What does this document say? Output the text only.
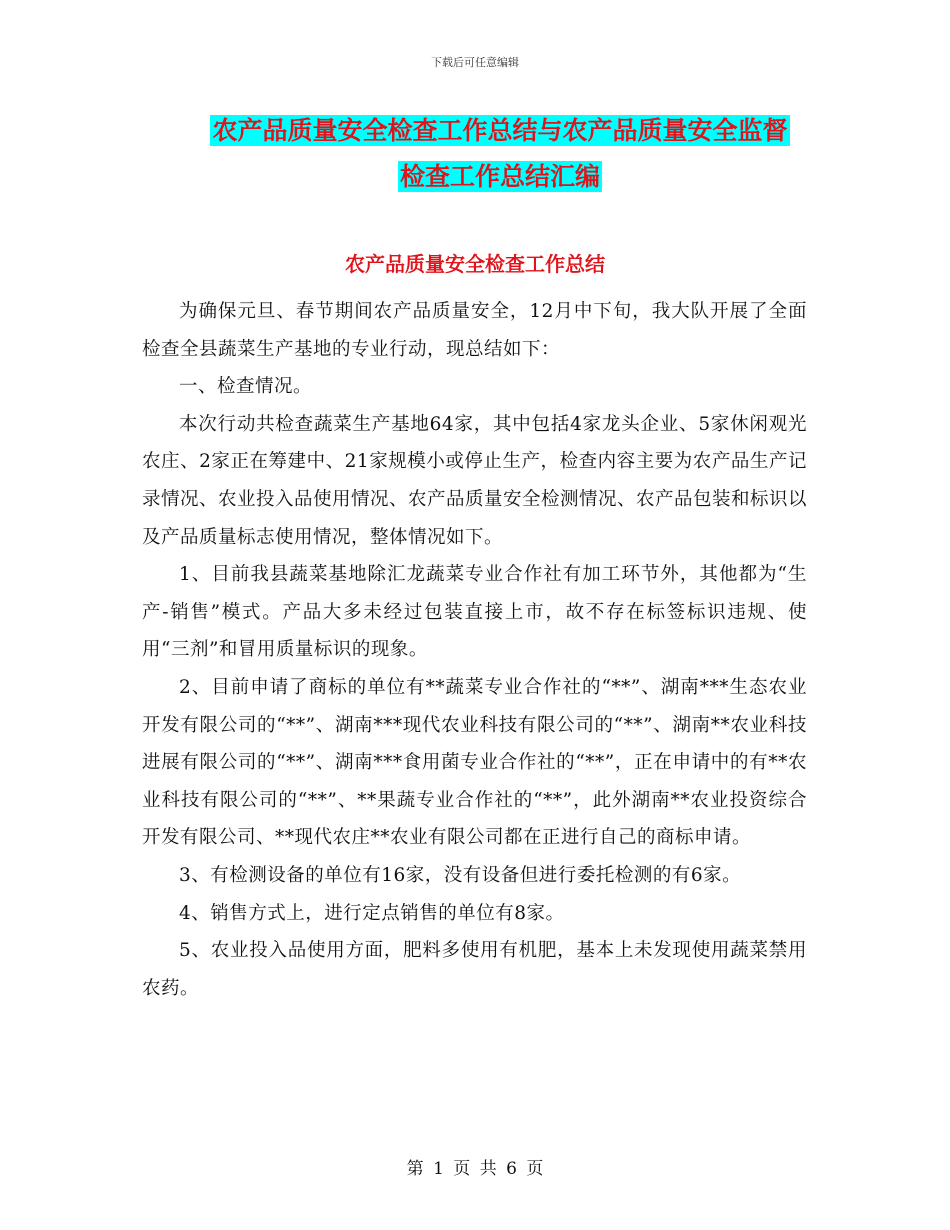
下载后可任意编辑
农产品质量安全检查工作总结与农产品质量安全监督
检查工作总结汇编
农产品质量安全检查工作总结

为确保元旦、春节期间农产品质量安全，12月中下旬，我大队开展了全面检查全县蔬菜生产基地的专业行动，现总结如下：

一、检查情况。

本次行动共检查蔬菜生产基地64家，其中包括4家龙头企业、5家休闲观光农庄、2家正在筹建中、21家规模小或停止生产，检查内容主要为农产品生产记录情况、农业投入品使用情况、农产品质量安全检测情况、农产品包装和标识以及产品质量标志使用情况，整体情况如下。

1、目前我县蔬菜基地除汇龙蔬菜专业合作社有加工环节外，其他都为“生产-销售”模式。产品大多未经过包装直接上市，故不存在标签标识违规、使用“三剂”和冒用质量标识的现象。

2、目前申请了商标的单位有**蔬菜专业合作社的“**”、湖南***生态农业开发有限公司的“**”、湖南***现代农业科技有限公司的“**”、湖南**农业科技进展有限公司的“**”、湖南***食用菌专业合作社的“**”，正在申请中的有**农业科技有限公司的“**”、**果蔬专业合作社的“**”，此外湖南**农业投资综合开发有限公司、**现代农庄**农业有限公司都在正进行自己的商标申请。

3、有检测设备的单位有16家，没有设备但进行委托检测的有6家。

4、销售方式上，进行定点销售的单位有8家。

5、农业投入品使用方面，肥料多使用有机肥，基本上未发现使用蔬菜禁用农药。

第 1 页 共 6 页
